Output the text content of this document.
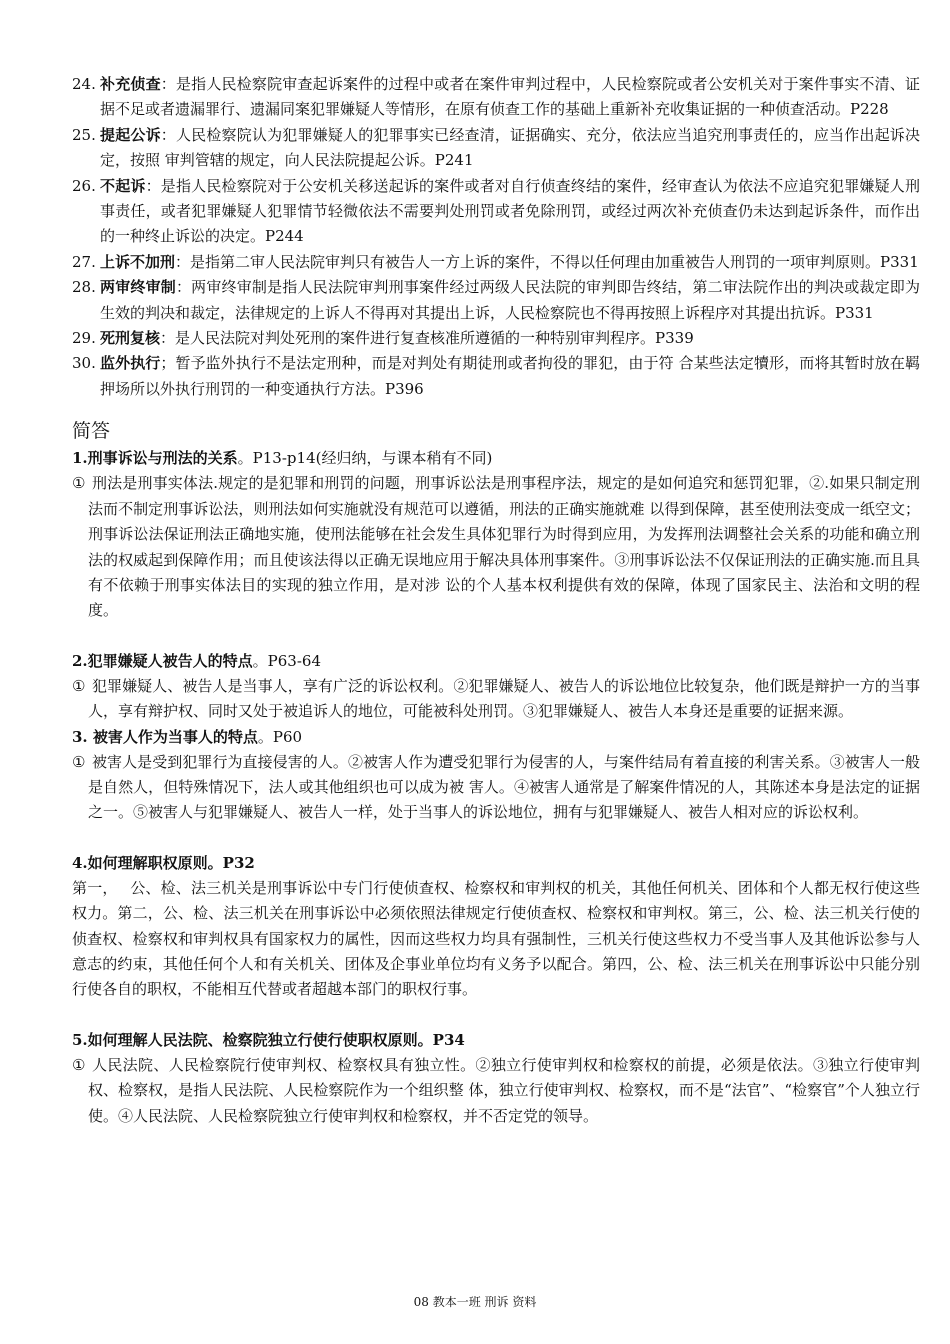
24. 补充侦查：是指人民检察院审查起诉案件的过程中或者在案件审判过程中，人民检察院或者公安机关对于案件事实不清、证据不足或者遗漏罪行、遗漏同案犯罪嫌疑人等情形，在原有侦查工作的基础上重新补充收集证据的一种侦查活动。P228
25. 提起公诉：人民检察院认为犯罪嫌疑人的犯罪事实已经查清，证据确实、充分，依法应当追究刑事责任的，应当作出起诉决定，按照 审判管辖的规定，向人民法院提起公诉。P241
26. 不起诉：是指人民检察院对于公安机关移送起诉的案件或者对自行侦查终结的案件，经审查认为依法不应追究犯罪嫌疑人刑事责任，或者犯罪嫌疑人犯罪情节轻微依法不需要判处刑罚或者免除刑罚，或经过两次补充侦查仍未达到起诉条件，而作出的一种终止诉讼的决定。P244
27. 上诉不加刑：是指第二审人民法院审判只有被告人一方上诉的案件，不得以任何理由加重被告人刑罚的一项审判原则。P331
28. 两审终审制：两审终审制是指人民法院审判刑事案件经过两级人民法院的审判即告终结，第二审法院作出的判决或裁定即为生效的判决和裁定，法律规定的上诉人不得再对其提出上诉，人民检察院也不得再按照上诉程序对其提出抗诉。P331
29. 死刑复核：是人民法院对判处死刑的案件进行复查核准所遵循的一种特别审判程序。P339
30. 监外执行；暂予监外执行不是法定刑种，而是对判处有期徒刑或者拘役的罪犯，由于符 合某些法定犢形，而将其暂时放在羁押场所以外执行刑罚的一种变通执行方法。P396
简答
1.刑事诉讼与刑法的关系。P13-p14(经归纳，与课本稍有不同)
① 刑法是刑事实体法.规定的是犯罪和刑罚的问题，刑事诉讼法是刑事程序法，规定的是如何追究和惩罚犯罪，②.如果只制定刑法而不制定刑事诉讼法，则刑法如何实施就没有规范可以遵循，刑法的正确实施就难 以得到保障，甚至使刑法变成一纸空文；刑事诉讼法保证刑法正确地实施，使刑法能够在社会发生具体犯罪行为时得到应用，为发挥刑法调整社会关系的功能和确立刑法的权威起到保障作用；而且使该法得以正确无误地应用于解决具体刑事案件。③刑事诉讼法不仅保证刑法的正确实施.而且具有不依赖于刑事实体法目的实现的独立作用，是对涉 讼的个人基本权利提供有效的保障，体现了国家民主、法治和文明的程度。
2.犯罪嫌疑人被告人的特点。P63-64
① 犯罪嫌疑人、被告人是当事人，享有广泛的诉讼权利。②犯罪嫌疑人、被告人的诉讼地位比较复杂，他们既是辩护一方的当事人，享有辩护权、同时又处于被追诉人的地位，可能被科处刑罚。③犯罪嫌疑人、被告人本身还是重要的证据来源。
3. 被害人作为当事人的特点。P60
① 被害人是受到犯罪行为直接侵害的人。②被害人作为遭受犯罪行为侵害的人，与案件结局有着直接的利害关系。③被害人一般是自然人，但特殊情况下，法人或其他组织也可以成为被 害人。④被害人通常是了解案件情况的人，其陈述本身是法定的证据之一。⑤被害人与犯罪嫌疑人、被告人一样，处于当事人的诉讼地位，拥有与犯罪嫌疑人、被告人相对应的诉讼权利。
4.如何理解职权原则。P32
第一，　 公、检、法三机关是刑事诉讼中专门行使侦查权、检察权和审判权的机关，其他任何机关、团体和个人都无权行使这些权力。第二，公、检、法三机关在刑事诉讼中必须依照法律规定行使侦查权、检察权和审判权。第三，公、检、法三机关行使的侦查权、检察权和审判权具有国家权力的属性，因而这些权力均具有强制性，三机关行使这些权力不受当事人及其他诉讼参与人意志的约束，其他任何个人和有关机关、团体及企事业单位均有义务予以配合。第四，公、检、法三机关在刑事诉讼中只能分别行使各自的职权，不能相互代替或者超越本部门的职权行事。
5.如何理解人民法院、检察院独立行使行使职权原则。P34
① 人民法院、人民检察院行使审判权、检察权具有独立性。②独立行使审判权和检察权的前提，必须是依法。③独立行使审判权、检察权，是指人民法院、人民检察院作为一个组织整 体，独立行使审判权、检察权，而不是“法官”、“检察官”个人独立行使。④人民法院、人民检察院独立行使审判权和检察权，并不否定党的领导。
08 教本一班 刑诉 资料
